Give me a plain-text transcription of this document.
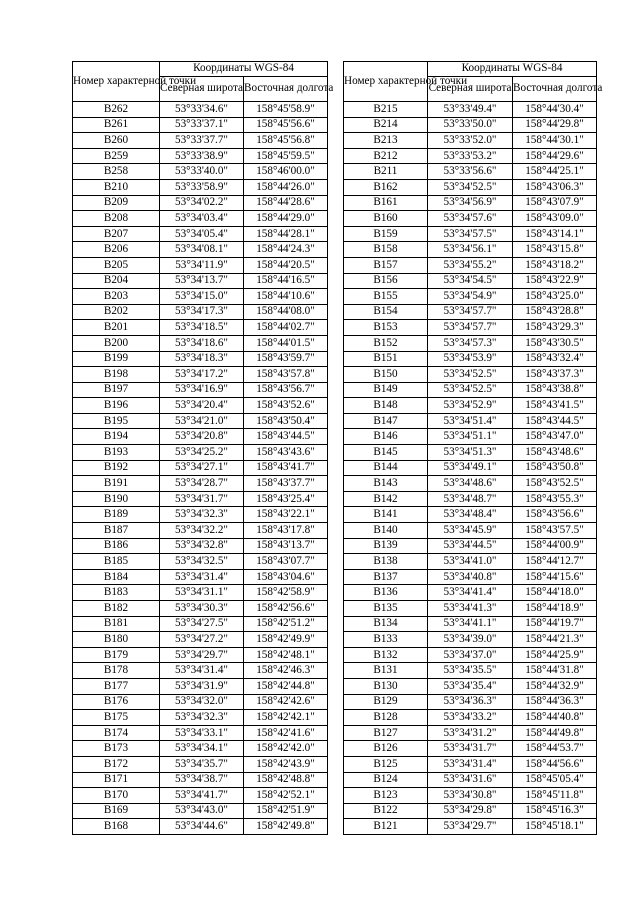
Номер характерной точки	Координаты WGS-84	
	Северная широта	Восточная долгота
В262	53°33'34.6"	158°45'58.9"
В261	53°33'37.1"	158°45'56.6"
В260	53°33'37.7"	158°45'56.8"
В259	53°33'38.9"	158°45'59.5"
В258	53°33'40.0"	158°46'00.0"
В210	53°33'58.9"	158°44'26.0"
В209	53°34'02.2"	158°44'28.6"
В208	53°34'03.4"	158°44'29.0"
В207	53°34'05.4"	158°44'28.1"
В206	53°34'08.1"	158°44'24.3"
В205	53°34'11.9"	158°44'20.5"
В204	53°34'13.7"	158°44'16.5"
В203	53°34'15.0"	158°44'10.6"
В202	53°34'17.3"	158°44'08.0"
В201	53°34'18.5"	158°44'02.7"
В200	53°34'18.6"	158°44'01.5"
В199	53°34'18.3"	158°43'59.7"
В198	53°34'17.2"	158°43'57.8"
В197	53°34'16.9"	158°43'56.7"
В196	53°34'20.4"	158°43'52.6"
В195	53°34'21.0"	158°43'50.4"
В194	53°34'20.8"	158°43'44.5"
В193	53°34'25.2"	158°43'43.6"
В192	53°34'27.1"	158°43'41.7"
В191	53°34'28.7"	158°43'37.7"
В190	53°34'31.7"	158°43'25.4"
В189	53°34'32.3"	158°43'22.1"
В187	53°34'32.2"	158°43'17.8"
В186	53°34'32.8"	158°43'13.7"
В185	53°34'32.5"	158°43'07.7"
В184	53°34'31.4"	158°43'04.6"
В183	53°34'31.1"	158°42'58.9"
В182	53°34'30.3"	158°42'56.6"
В181	53°34'27.5"	158°42'51.2"
В180	53°34'27.2"	158°42'49.9"
В179	53°34'29.7"	158°42'48.1"
В178	53°34'31.4"	158°42'46.3"
В177	53°34'31.9"	158°42'44.8"
В176	53°34'32.0"	158°42'42.6"
В175	53°34'32.3"	158°42'42.1"
В174	53°34'33.1"	158°42'41.6"
В173	53°34'34.1"	158°42'42.0"
В172	53°34'35.7"	158°42'43.9"
В171	53°34'38.7"	158°42'48.8"
В170	53°34'41.7"	158°42'52.1"
В169	53°34'43.0"	158°42'51.9"
В168	53°34'44.6"	158°42'49.8"
Номер характерной точки	Координаты WGS-84	
	Северная широта	Восточная долгота
В215	53°33'49.4"	158°44'30.4"
В214	53°33'50.0"	158°44'29.8"
В213	53°33'52.0"	158°44'30.1"
В212	53°33'53.2"	158°44'29.6"
В211	53°33'56.6"	158°44'25.1"
В162	53°34'52.5"	158°43'06.3"
В161	53°34'56.9"	158°43'07.9"
В160	53°34'57.6"	158°43'09.0"
В159	53°34'57.5"	158°43'14.1"
В158	53°34'56.1"	158°43'15.8"
В157	53°34'55.2"	158°43'18.2"
В156	53°34'54.5"	158°43'22.9"
В155	53°34'54.9"	158°43'25.0"
В154	53°34'57.7"	158°43'28.8"
В153	53°34'57.7"	158°43'29.3"
В152	53°34'57.3"	158°43'30.5"
В151	53°34'53.9"	158°43'32.4"
В150	53°34'52.5"	158°43'37.3"
В149	53°34'52.5"	158°43'38.8"
В148	53°34'52.9"	158°43'41.5"
В147	53°34'51.4"	158°43'44.5"
В146	53°34'51.1"	158°43'47.0"
В145	53°34'51.3"	158°43'48.6"
В144	53°34'49.1"	158°43'50.8"
В143	53°34'48.6"	158°43'52.5"
В142	53°34'48.7"	158°43'55.3"
В141	53°34'48.4"	158°43'56.6"
В140	53°34'45.9"	158°43'57.5"
В139	53°34'44.5"	158°44'00.9"
В138	53°34'41.0"	158°44'12.7"
В137	53°34'40.8"	158°44'15.6"
В136	53°34'41.4"	158°44'18.0"
В135	53°34'41.3"	158°44'18.9"
В134	53°34'41.1"	158°44'19.7"
В133	53°34'39.0"	158°44'21.3"
В132	53°34'37.0"	158°44'25.9"
В131	53°34'35.5"	158°44'31.8"
В130	53°34'35.4"	158°44'32.9"
В129	53°34'36.3"	158°44'36.3"
В128	53°34'33.2"	158°44'40.8"
В127	53°34'31.2"	158°44'49.8"
В126	53°34'31.7"	158°44'53.7"
В125	53°34'31.4"	158°44'56.6"
В124	53°34'31.6"	158°45'05.4"
В123	53°34'30.8"	158°45'11.8"
В122	53°34'29.8"	158°45'16.3"
В121	53°34'29.7"	158°45'18.1"
